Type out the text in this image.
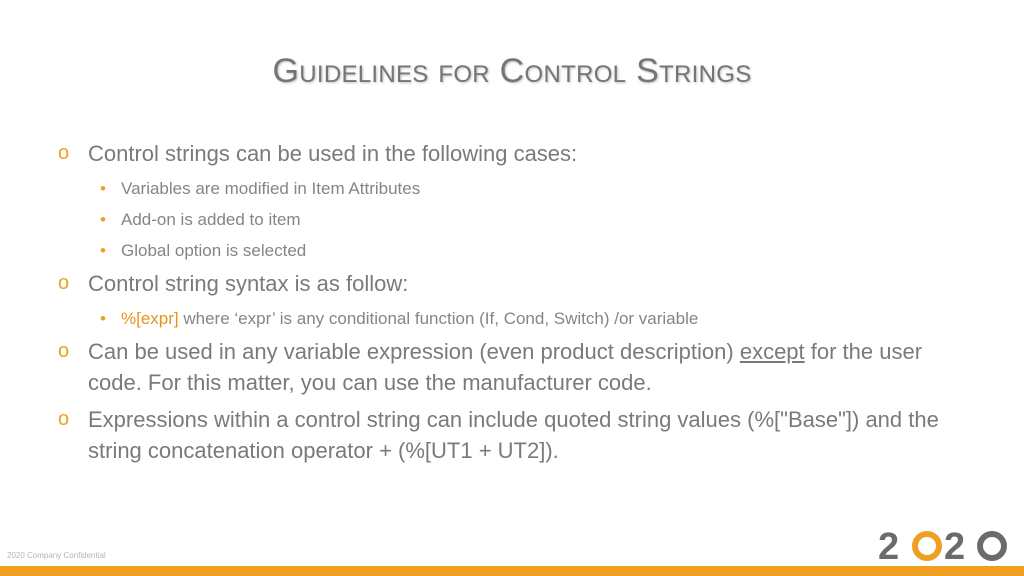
Guidelines for Control Strings
o Control strings can be used in the following cases:
• Variables are modified in Item Attributes
• Add-on is added to item
• Global option is selected
o Control string syntax is as follow:
• %[expr] where ‘expr’ is any conditional function (If, Cond, Switch) /or variable
o Can be used in any variable expression (even product description) except for the user code. For this matter, you can use the manufacturer code.
o Expressions within a control string can include quoted string values (%["Base"]) and the string concatenation operator + (%[UT1 + UT2]).
2020 Company Confidential	2 2
